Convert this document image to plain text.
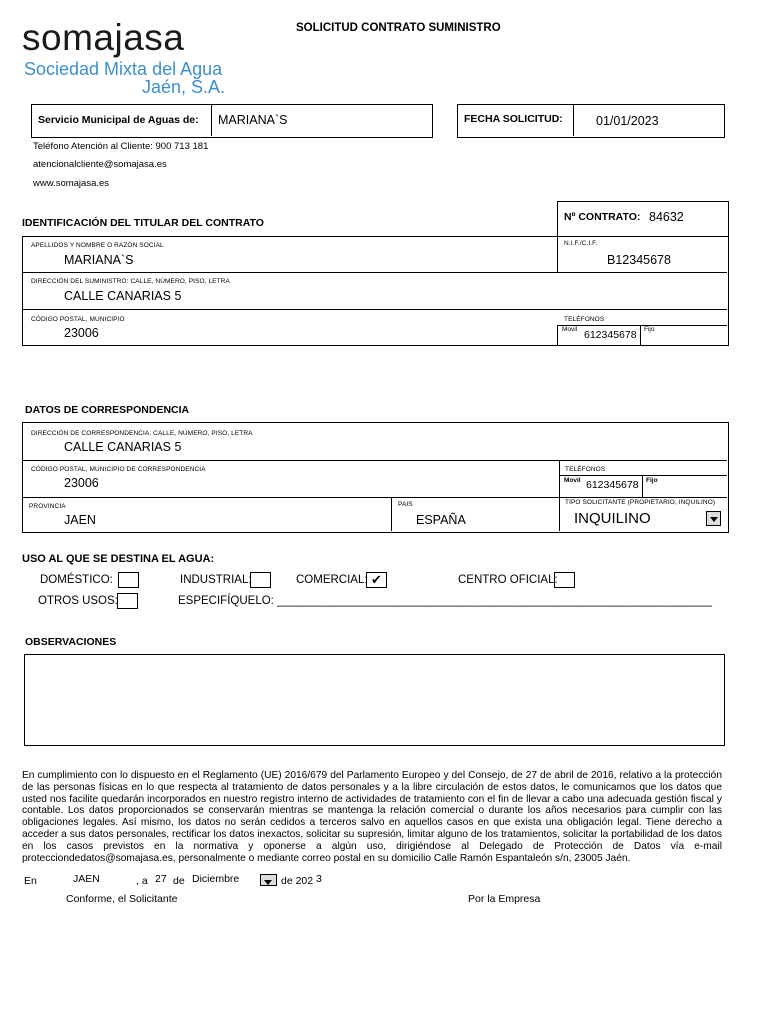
somajasa
Sociedad Mixta del Agua
Jaén, S.A.
SOLICITUD CONTRATO SUMINISTRO
Servicio Municipal de Aguas de: MARIANA`S	FECHA SOLICITUD:	01/01/2023
Teléfono Atención al Cliente: 900 713 181
atencionalcliente@somajasa.es
www.somajasa.es
IDENTIFICACIÓN DEL TITULAR DEL CONTRATO	Nº CONTRATO: 84632
APELLIDOS Y NOMBRE O RAZÓN SOCIAL
MARIANA`S
N.I.F./C.I.F.
B12345678
DIRECCIÓN DEL SUMINISTRO: CALLE, NÚMERO, PISO, LETRA
CALLE CANARIAS 5
CÓDIGO POSTAL, MUNICIPIO
23006
TELÉFONOS
Movil 612345678 Fijo
DATOS DE CORRESPONDENCIA
DIRECCIÓN DE CORRESPONDENCIA: CALLE, NÚMERO, PISO, LETRA
CALLE CANARIAS 5
CÓDIGO POSTAL, MUNICIPIO DE CORRESPONDENCIA
23006
TELÉFONOS
Movil 612345678 Fijo
PROVINCIA
JAEN
PAIS
ESPAÑA
TIPO SOLICITANTE (PROPIETARIO, INQUILINO)
INQUILINO
USO AL QUE SE DESTINA EL AGUA:
DOMÉSTICO:	INDUSTRIAL:	COMERCIAL: ✔	CENTRO OFICIAL:
OTROS USOS:	ESPECIFÍQUELO: ____________________________________________________________________
OBSERVACIONES
En cumplimiento con lo dispuesto en el Reglamento (UE) 2016/679 del Parlamento Europeo y del Consejo, de 27 de abril de 2016, relativo a la protección de las personas físicas en lo que respecta al tratamiento de datos personales y a la libre circulación de estos datos, le comunicamos que los datos que usted nos facilite quedarán incorporados en nuestro registro interno de actividades de tratamiento con el fin de llevar a cabo una adecuada gestión fiscal y contable. Los datos proporcionados se conservarán mientras se mantenga la relación comercial o durante los años necesarios para cumplir con las obligaciones legales. Así mismo, los datos no serán cedidos a terceros salvo en aquellos casos en que exista una obligación legal. Tiene derecho a acceder a sus datos personales, rectificar los datos inexactos, solicitar su supresión, limitar alguno de los tratamientos, solicitar la portabilidad de los datos en los casos previstos en la normativa y oponerse a algún uso, dirigiéndose al Delegado de Protección de Datos vía e-mail protecciondedatos@somajasa.es, personalmente o mediante correo postal en su domicilio Calle Ramón Espantaleón s/n, 23005 Jaén.
En	JAEN	, a 27 de Diciembre	de 202 3
Conforme, el Solicitante	Por la Empresa
